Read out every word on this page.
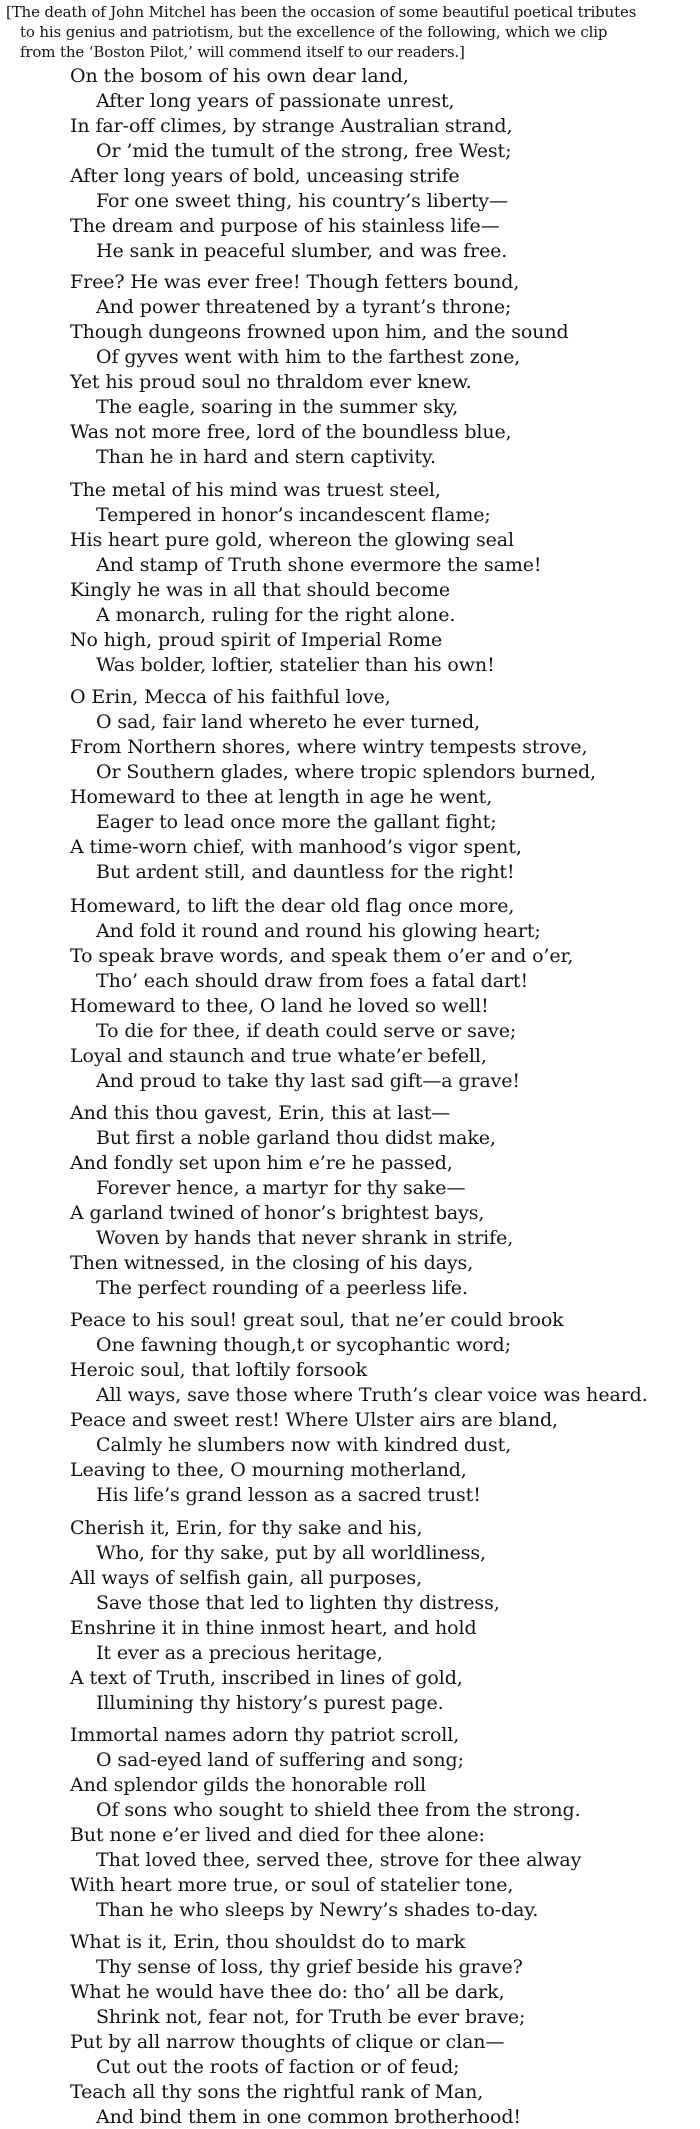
[The death of John Mitchel has been the occasion of some beautiful poetical tributes
to his genius and patriotism, but the excellence of the following, which we clip
from the ‘Boston Pilot,’ will commend itself to our readers.]
On the bosom of his own dear land,
After long years of passionate unrest,
In far-off climes, by strange Australian strand,
Or ’mid the tumult of the strong, free West;
After long years of bold, unceasing strife
For one sweet thing, his country’s liberty—
The dream and purpose of his stainless life—
He sank in peaceful slumber, and was free.
Free? He was ever free! Though fetters bound,
And power threatened by a tyrant’s throne;
Though dungeons frowned upon him, and the sound
Of gyves went with him to the farthest zone,
Yet his proud soul no thraldom ever knew.
The eagle, soaring in the summer sky,
Was not more free, lord of the boundless blue,
Than he in hard and stern captivity.
The metal of his mind was truest steel,
Tempered in honor’s incandescent flame;
His heart pure gold, whereon the glowing seal
And stamp of Truth shone evermore the same!
Kingly he was in all that should become
A monarch, ruling for the right alone.
No high, proud spirit of Imperial Rome
Was bolder, loftier, statelier than his own!
O Erin, Mecca of his faithful love,
O sad, fair land whereto he ever turned,
From Northern shores, where wintry tempests strove,
Or Southern glades, where tropic splendors burned,
Homeward to thee at length in age he went,
Eager to lead once more the gallant fight;
A time-worn chief, with manhood’s vigor spent,
But ardent still, and dauntless for the right!
Homeward, to lift the dear old flag once more,
And fold it round and round his glowing heart;
To speak brave words, and speak them o’er and o’er,
Tho’ each should draw from foes a fatal dart!
Homeward to thee, O land he loved so well!
To die for thee, if death could serve or save;
Loyal and staunch and true whate’er befell,
And proud to take thy last sad gift—a grave!
And this thou gavest, Erin, this at last—
But first a noble garland thou didst make,
And fondly set upon him e’re he passed,
Forever hence, a martyr for thy sake—
A garland twined of honor’s brightest bays,
Woven by hands that never shrank in strife,
Then witnessed, in the closing of his days,
The perfect rounding of a peerless life.
Peace to his soul! great soul, that ne’er could brook
One fawning though,t or sycophantic word;
Heroic soul, that loftily forsook
All ways, save those where Truth’s clear voice was heard.
Peace and sweet rest! Where Ulster airs are bland,
Calmly he slumbers now with kindred dust,
Leaving to thee, O mourning motherland,
His life’s grand lesson as a sacred trust!
Cherish it, Erin, for thy sake and his,
Who, for thy sake, put by all worldliness,
All ways of selfish gain, all purposes,
Save those that led to lighten thy distress,
Enshrine it in thine inmost heart, and hold
It ever as a precious heritage,
A text of Truth, inscribed in lines of gold,
Illumining thy history’s purest page.
Immortal names adorn thy patriot scroll,
O sad-eyed land of suffering and song;
And splendor gilds the honorable roll
Of sons who sought to shield thee from the strong.
But none e’er lived and died for thee alone:
That loved thee, served thee, strove for thee alway
With heart more true, or soul of statelier tone,
Than he who sleeps by Newry’s shades to-day.
What is it, Erin, thou shouldst do to mark
Thy sense of loss, thy grief beside his grave?
What he would have thee do: tho’ all be dark,
Shrink not, fear not, for Truth be ever brave;
Put by all narrow thoughts of clique or clan—
Cut out the roots of faction or of feud;
Teach all thy sons the rightful rank of Man,
And bind them in one common brotherhood!
